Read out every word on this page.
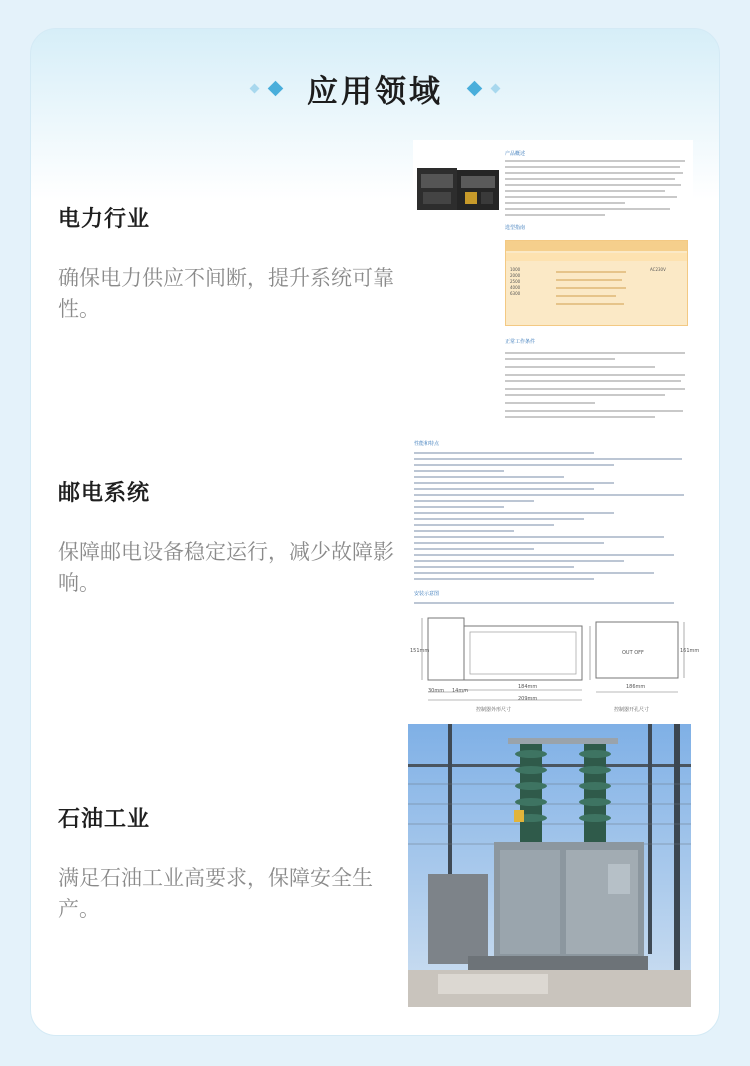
应用领域
电力行业
确保电力供应不间断，提升系统可靠性。
邮电系统
保障邮电设备稳定运行，减少故障影响。
石油工业
满足石油工业高要求，保障安全生产。
产品概述
选型指南
1000
2000
2500
4000
6300
AC230V
正常工作条件
性能和特点
安装示意图
184mm
209mm
30mm 14mm
151mm
186mm
161mm
OUT OFF
控制器外形尺寸	控制器开孔尺寸
